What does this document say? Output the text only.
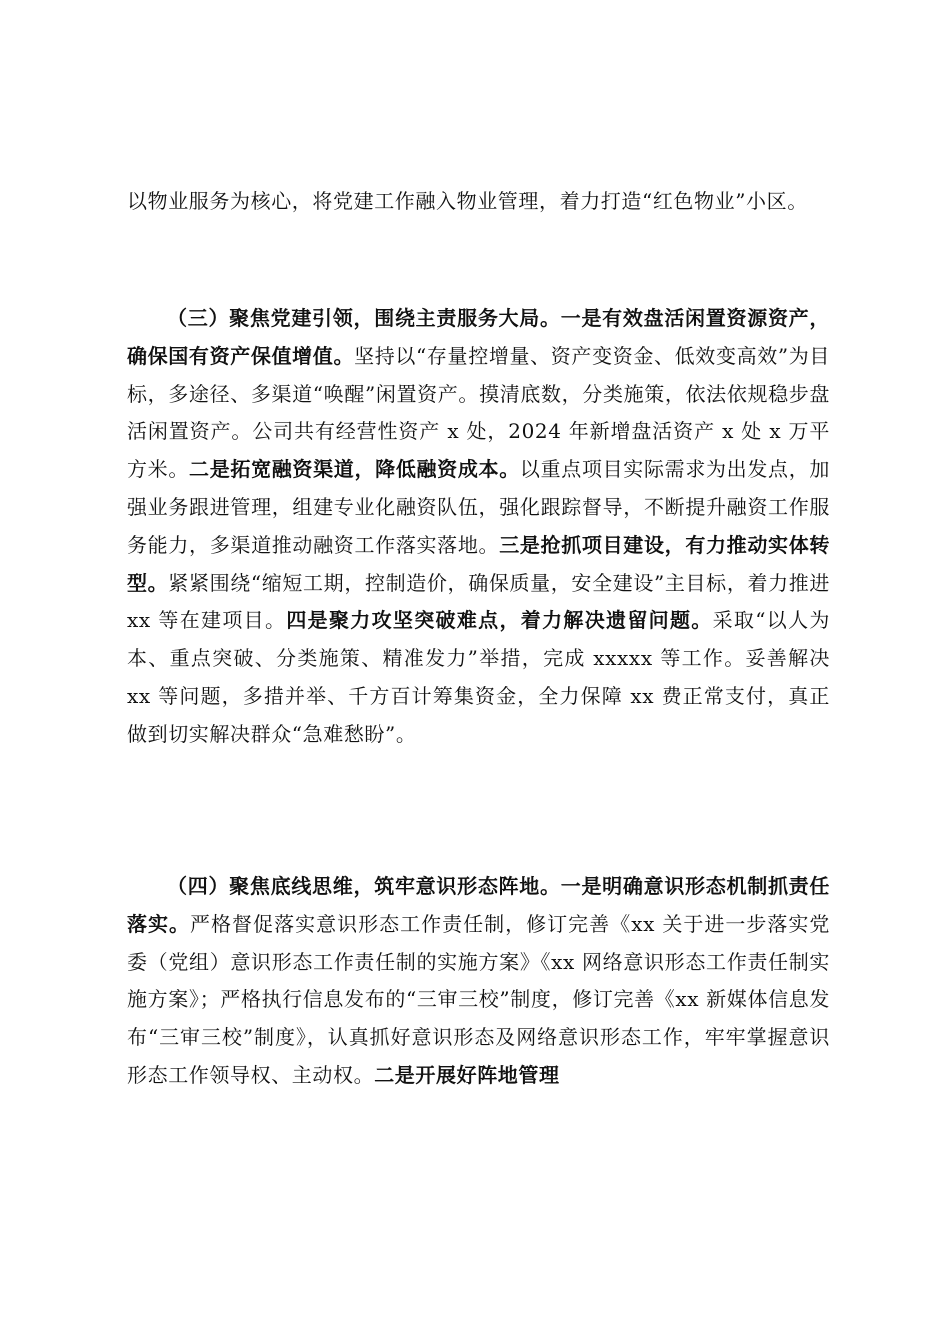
以物业服务为核心，将党建工作融入物业管理，着力打造“红色物业”小区。

（三）聚焦党建引领，围绕主责服务大局。一是有效盘活闲置资源资产，确保国有资产保值增值。坚持以“存量控增量、资产变资金、低效变高效”为目标，多途径、多渠道“唤醒”闲置资产。摸清底数，分类施策，依法依规稳步盘活闲置资产。公司共有经营性资产 x 处，2024 年新增盘活资产 x 处 x 万平方米。二是拓宽融资渠道，降低融资成本。以重点项目实际需求为出发点，加强业务跟进管理，组建专业化融资队伍，强化跟踪督导，不断提升融资工作服务能力，多渠道推动融资工作落实落地。三是抢抓项目建设，有力推动实体转型。紧紧围绕“缩短工期，控制造价，确保质量，安全建设”主目标，着力推进 xx 等在建项目。四是聚力攻坚突破难点，着力解决遗留问题。采取“以人为本、重点突破、分类施策、精准发力”举措，完成 xxxxx 等工作。妥善解决 xx 等问题，多措并举、千方百计筹集资金，全力保障 xx 费正常支付，真正做到切实解决群众“急难愁盼”。

（四）聚焦底线思维，筑牢意识形态阵地。一是明确意识形态机制抓责任落实。严格督促落实意识形态工作责任制，修订完善《xx 关于进一步落实党委（党组）意识形态工作责任制的实施方案》《xx 网络意识形态工作责任制实施方案》；严格执行信息发布的“三审三校”制度，修订完善《xx 新媒体信息发布“三审三校”制度》，认真抓好意识形态及网络意识形态工作，牢牢掌握意识形态工作领导权、主动权。二是开展好阵地管理
